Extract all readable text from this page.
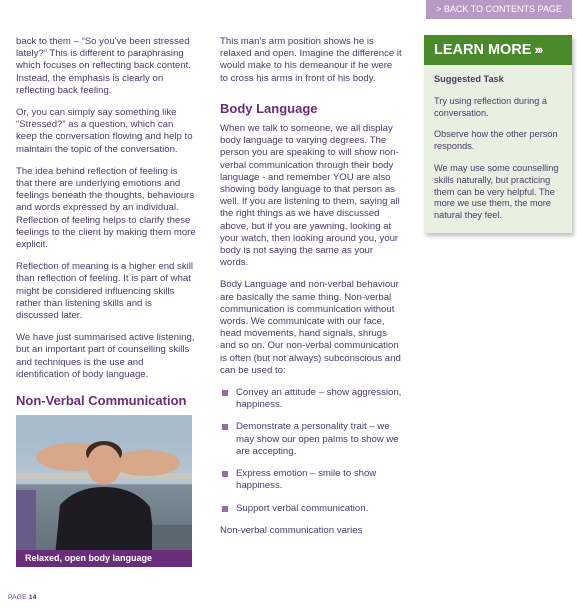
> BACK TO CONTENTS PAGE

back to them – “So you've been stressed lately?” This is different to paraphrasing which focuses on reflecting back content. Instead, the emphasis is clearly on reflecting back feeling.

Or, you can simply say something like “Stressed?” as a question, which can keep the conversation flowing and help to maintain the topic of the conversation.

The idea behind reflection of feeling is that there are underlying emotions and feelings beneath the thoughts, behaviours and words expressed by an individual. Reflection of feeling helps to clarify these feelings to the client by making them more explicit.

Reflection of meaning is a higher end skill than reflection of feeling. It is part of what might be considered influencing skills rather than listening skills and is discussed later.

We have just summarised active listening, but an important part of counselling skills and techniques is the use and identification of body language.

Non-Verbal Communication
Relaxed, open body language

This man's arm position shows he is relaxed and open. Imagine the difference it would make to his demeanour if he were to cross his arms in front of his body.

Body Language

When we talk to someone, we all display body language to varying degrees. The person you are speaking to will show non-verbal communication through their body language - and remember YOU are also showing body language to that person as well. If you are listening to them, saying all the right things as we have discussed above, but if you are yawning, looking at your watch, then looking around you, your body is not saying the same as your words.

Body Language and non-verbal behaviour are basically the same thing. Non-verbal communication is communication without words. We communicate with our face, head movements, hand signals, shrugs and so on. Our non-verbal communication is often (but not always) subconscious and can be used to:

Convey an attitude – show aggression, happiness.
Demonstrate a personality trait – we may show our open palms to show we are accepting.
Express emotion – smile to show happiness.
Support verbal communication.

Non-verbal communication varies

LEARN MORE ›››
Suggested Task

Try using reflection during a conversation.

Observe how the other person responds.

We may use some counselling skills naturally, but practicing them can be very helpful. The more we use them, the more natural they feel.

PAGE 14
